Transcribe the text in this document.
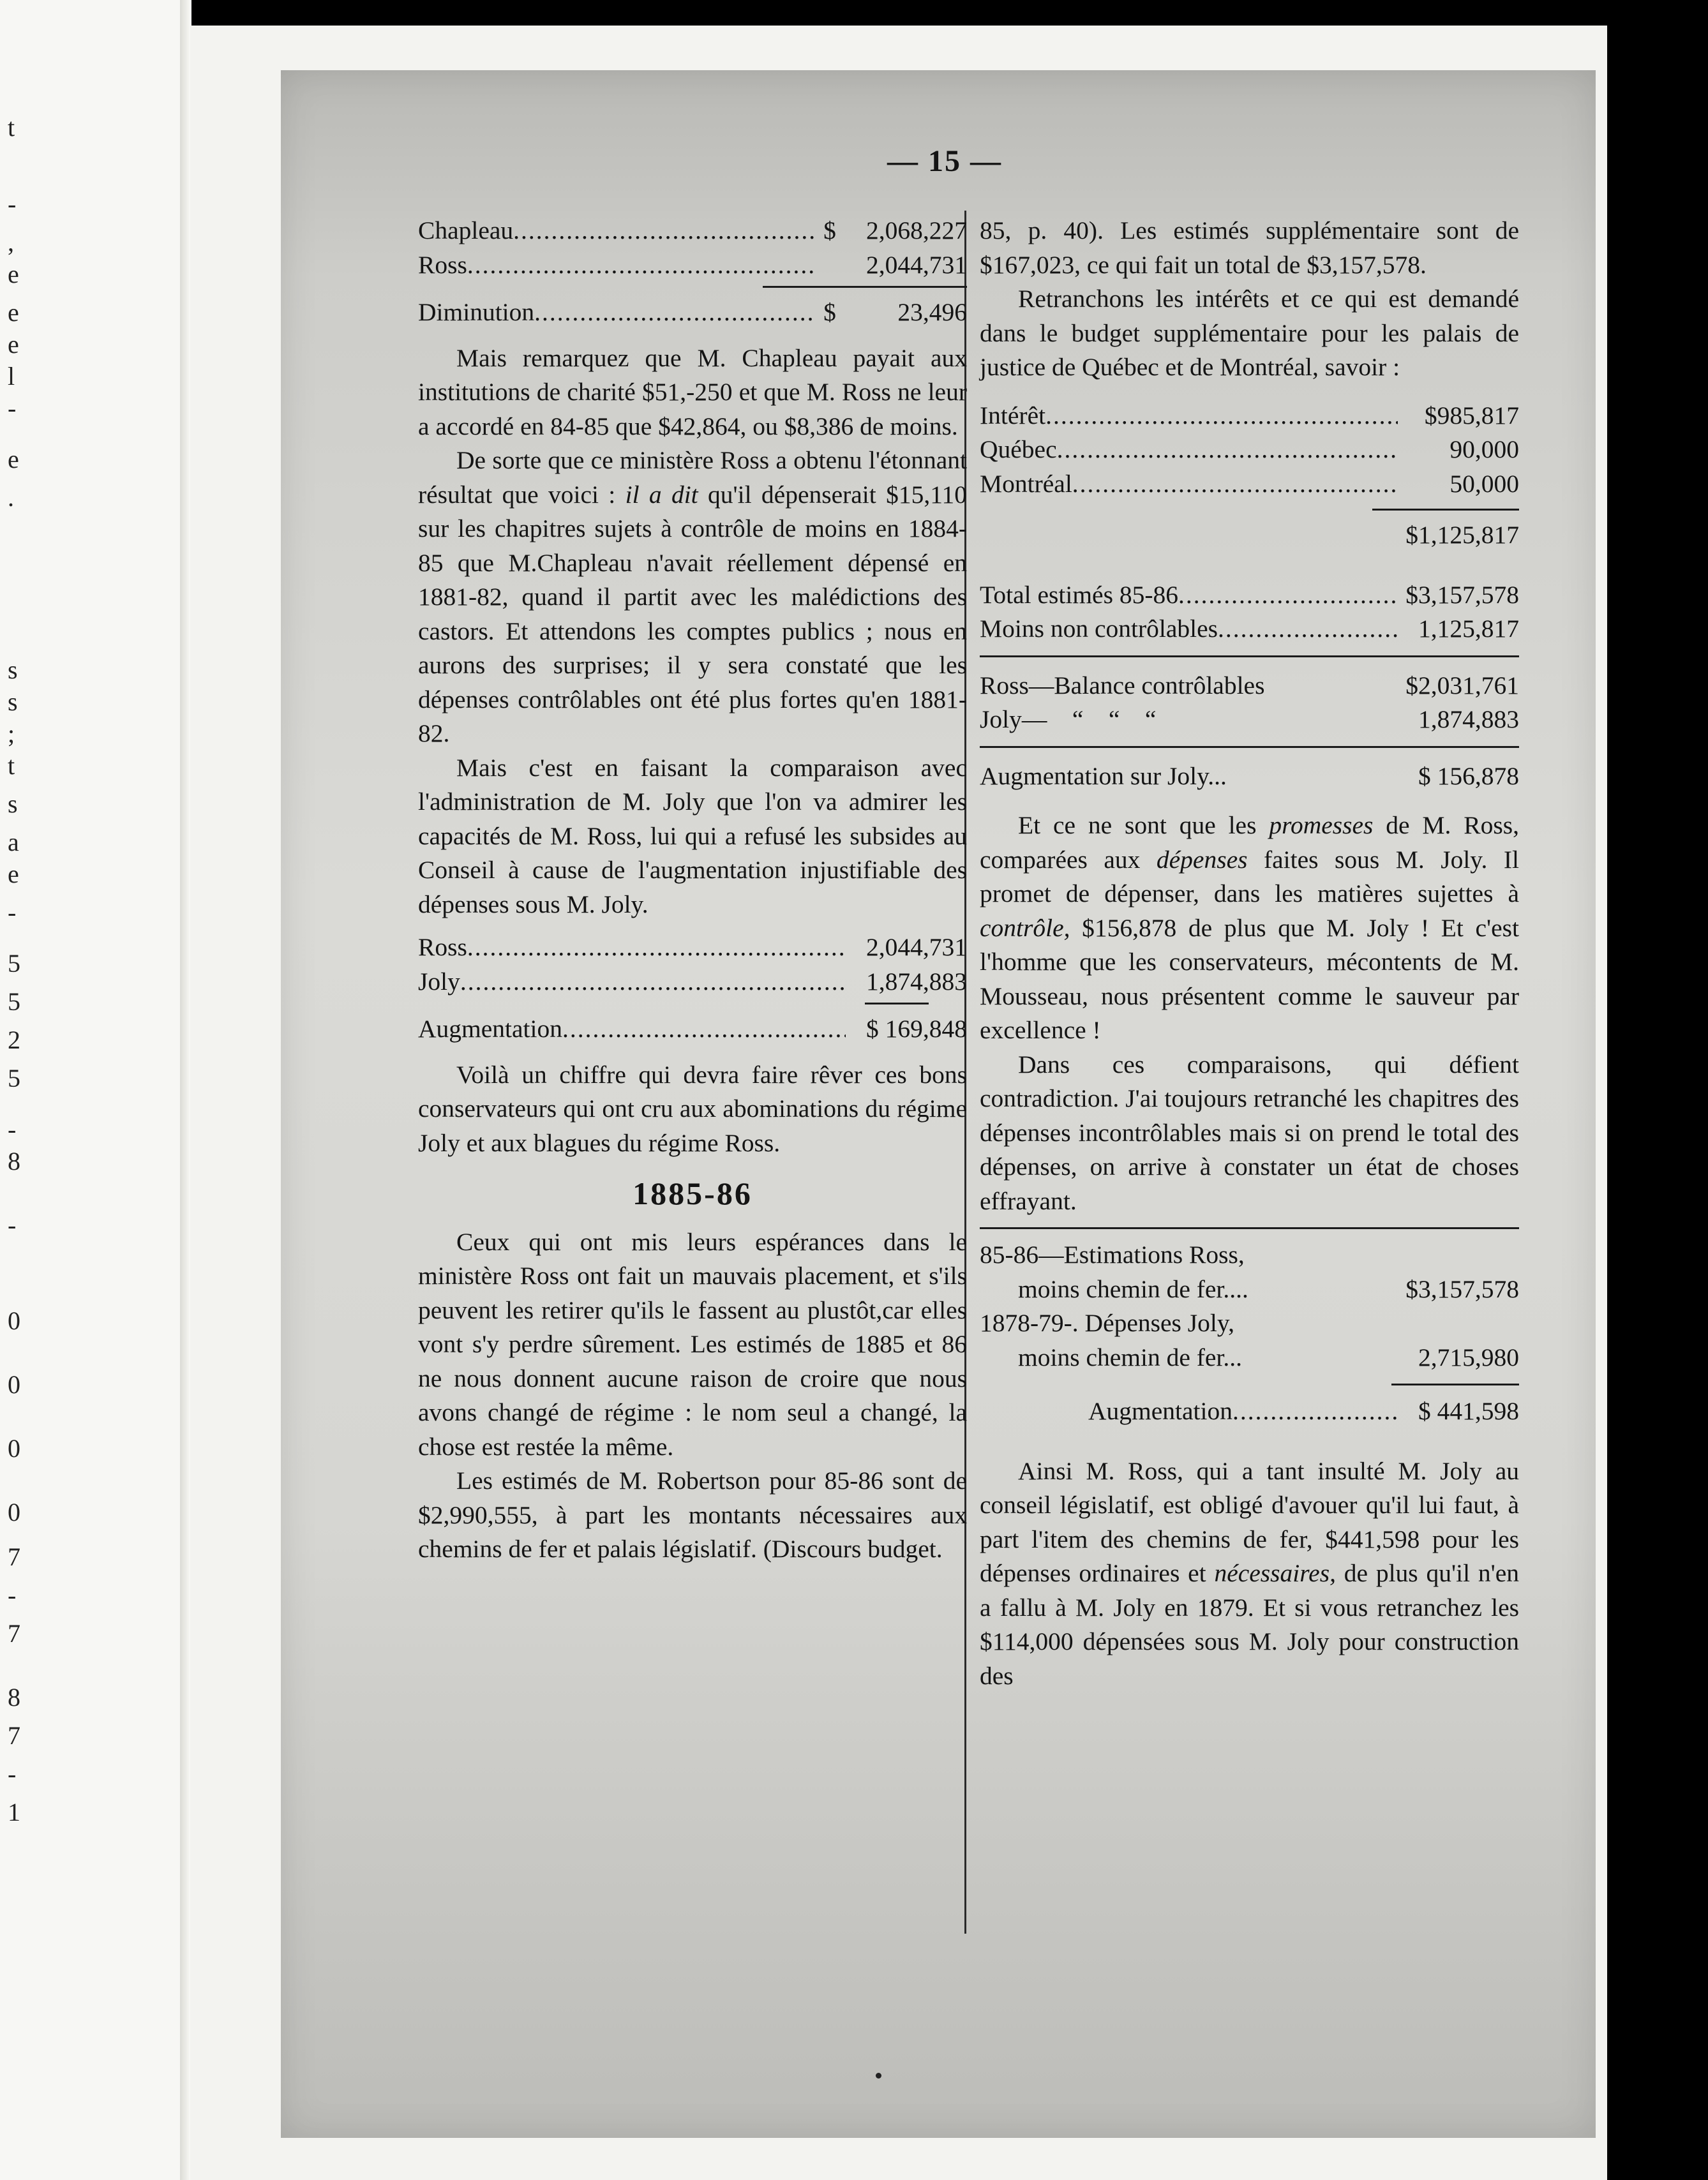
t
-
,
e
e
e
l
-
e
.
s
s
;
t
s
a
e
-
5
5
2
5
-
8
-
0
0
0
0
7
-
7
8
7
-
1
— 15 —
Chapleau .....	$	2,068,227
Ross .....	2,044,731
Diminution .....	$	23,496

Mais remarquez que M. Chapleau payait aux institutions de charité $51,-250 et que M. Ross ne leur a accordé en 84-85 que $42,864, ou $8,386 de moins.

De sorte que ce ministère Ross a obtenu l'étonnant résultat que voici : il a dit qu'il dépenserait $15,110 sur les chapitres sujets à contrôle de moins en 1884-85 que M.Chapleau n'avait réellement dépensé en 1881-82, quand il partit avec les malédictions des castors. Et attendons les comptes publics ; nous en aurons des surprises; il y sera constaté que les dépenses contrôlables ont été plus fortes qu'en 1881-82.

Mais c'est en faisant la comparaison avec l'administration de M. Joly que l'on va admirer les capacités de M. Ross, lui qui a refusé les subsides au Conseil à cause de l'augmentation injustifiable des dépenses sous M. Joly.

Ross .....	2,044,731
Joly .....	1,874,883
Augmentation .....	$ 169,848

Voilà un chiffre qui devra faire rêver ces bons conservateurs qui ont cru aux abominations du régime Joly et aux blagues du régime Ross.

1885-86

Ceux qui ont mis leurs espérances dans le ministère Ross ont fait un mauvais placement, et s'ils peuvent les retirer qu'ils le fassent au plustôt,car elles vont s'y perdre sûrement. Les estimés de 1885 et 86 ne nous donnent aucune raison de croire que nous avons changé de régime : le nom seul a changé, la chose est restée la même.

Les estimés de M. Robertson pour 85-86 sont de $2,990,555, à part les montants nécessaires aux chemins de fer et palais législatif. (Discours budget.

85, p. 40). Les estimés supplémentaire sont de $167,023, ce qui fait un total de $3,157,578.

Retranchons les intérêts et ce qui est demandé dans le budget supplémentaire pour les palais de justice de Québec et de Montréal, savoir :

Intérêt .....	$985,817
Québec .....	90,000
Montréal .....	50,000
$1,125,817
Total estimés 85-86 .....	$3,157,578
Moins non contrôlables .....	1,125,817
Ross—Balance contrôlables	$2,031,761
Joly—    “    “    “	1,874,883
Augmentation sur Joly...	$ 156,878

Et ce ne sont que les promesses de M. Ross, comparées aux dépenses faites sous M. Joly. Il promet de dépenser, dans les matières sujettes à contrôle, $156,878 de plus que M. Joly ! Et c'est l'homme que les conservateurs, mécontents de M. Mousseau, nous présentent comme le sauveur par excellence !

Dans ces comparaisons, qui défient contradiction. J'ai toujours retranché les chapitres des dépenses incontrôlables mais si on prend le total des dépenses, on arrive à constater un état de choses effrayant.

85-86—Estimations Ross,
moins chemin de fer....	$3,157,578
1878-79-. Dépenses Joly,
moins chemin de fer...	2,715,980
Augmentation .....	$ 441,598

Ainsi M. Ross, qui a tant insulté M. Joly au conseil législatif, est obligé d'avouer qu'il lui faut, à part l'item des chemins de fer, $441,598 pour les dépenses ordinaires et nécessaires, de plus qu'il n'en a fallu à M. Joly en 1879. Et si vous retranchez les $114,000 dépensées sous M. Joly pour construction des
